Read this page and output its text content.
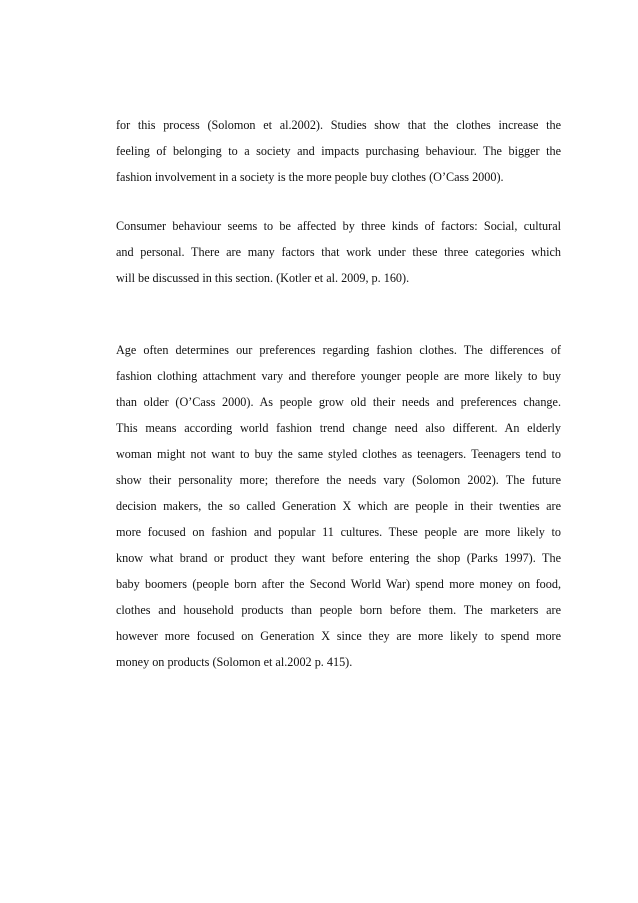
for this process (Solomon et al.2002). Studies show that the clothes increase the
feeling of belonging to a society and impacts purchasing behaviour. The bigger the
fashion involvement in a society is the more people buy clothes (O’Cass 2000).

Consumer behaviour seems to be affected by three kinds of factors: Social, cultural
and personal. There are many factors that work under these three categories which
will be discussed in this section. (Kotler et al. 2009, p. 160).

Age often determines our preferences regarding fashion clothes. The differences of
fashion clothing attachment vary and therefore younger people are more likely to buy
than older (O’Cass 2000). As people grow old their needs and preferences change.
This means according world fashion trend change need also different. An elderly
woman might not want to buy the same styled clothes as teenagers. Teenagers tend to
show their personality more; therefore the needs vary (Solomon 2002). The future
decision makers, the so called Generation X which are people in their twenties are
more focused on fashion and popular 11 cultures. These people are more likely to
know what brand or product they want before entering the shop (Parks 1997). The
baby boomers (people born after the Second World War) spend more money on food,
clothes and household products than people born before them. The marketers are
however more focused on Generation X since they are more likely to spend more
money on products (Solomon et al.2002 p. 415).
